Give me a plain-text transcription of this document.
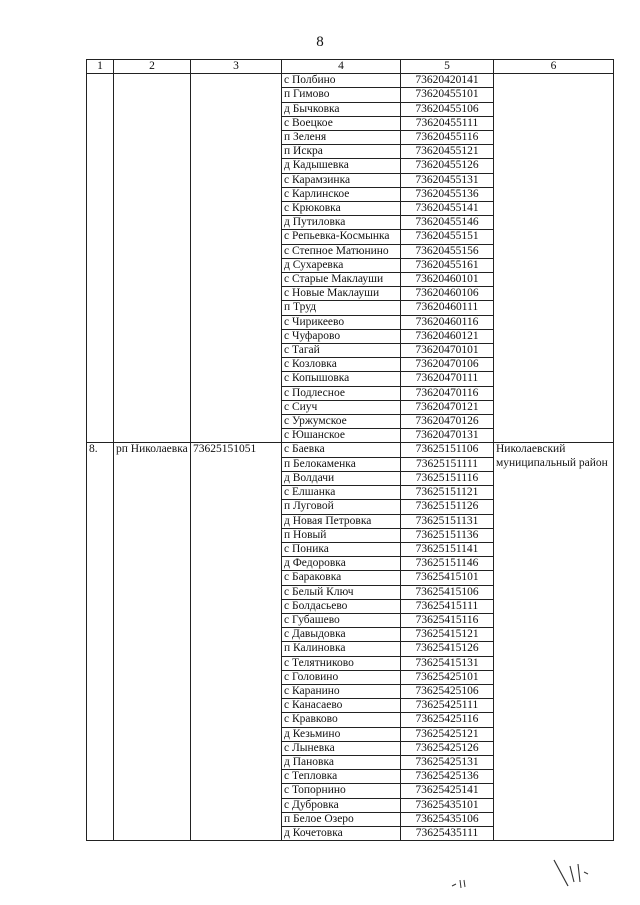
8
1	2	3	4	5	6
			с Полбино	73620420141	
			п Гимово	73620455101	
			д Бычковка	73620455106	
			с Воецкое	73620455111	
			п Зеленя	73620455116	
			п Искра	73620455121	
			д Кадышевка	73620455126	
			с Карамзинка	73620455131	
			с Карлинское	73620455136	
			с Крюковка	73620455141	
			д Путиловка	73620455146	
			с Репьевка-Космынка	73620455151	
			с Степное Матюнино	73620455156	
			д Сухаревка	73620455161	
			с Старые Маклауши	73620460101	
			с Новые Маклауши	73620460106	
			п Труд	73620460111	
			с Чирикеево	73620460116	
			с Чуфарово	73620460121	
			с Тагай	73620470101	
			с Козловка	73620470106	
			с Копышовка	73620470111	
			с Подлесное	73620470116	
			с Сиуч	73620470121	
			с Уржумское	73620470126	
			с Юшанское	73620470131	
8.	рп Николаевка	73625151051	с Баевка	73625151106	Николаевский муниципальный район
			п Белокаменка	73625151111	
			д Волдачи	73625151116	
			с Елшанка	73625151121	
			п Луговой	73625151126	
			д Новая Петровка	73625151131	
			п Новый	73625151136	
			с Поника	73625151141	
			д Федоровка	73625151146	
			с Бараковка	73625415101	
			с Белый Ключ	73625415106	
			с Болдасьево	73625415111	
			с Губашево	73625415116	
			с Давыдовка	73625415121	
			п Калиновка	73625415126	
			с Телятниково	73625415131	
			с Головино	73625425101	
			с Каранино	73625425106	
			с Канасаево	73625425111	
			с Кравково	73625425116	
			д Кезьмино	73625425121	
			с Лыневка	73625425126	
			д Пановка	73625425131	
			с Тепловка	73625425136	
			с Топорнино	73625425141	
			с Дубровка	73625435101	
			п Белое Озеро	73625435106	
			д Кочетовка	73625435111	
